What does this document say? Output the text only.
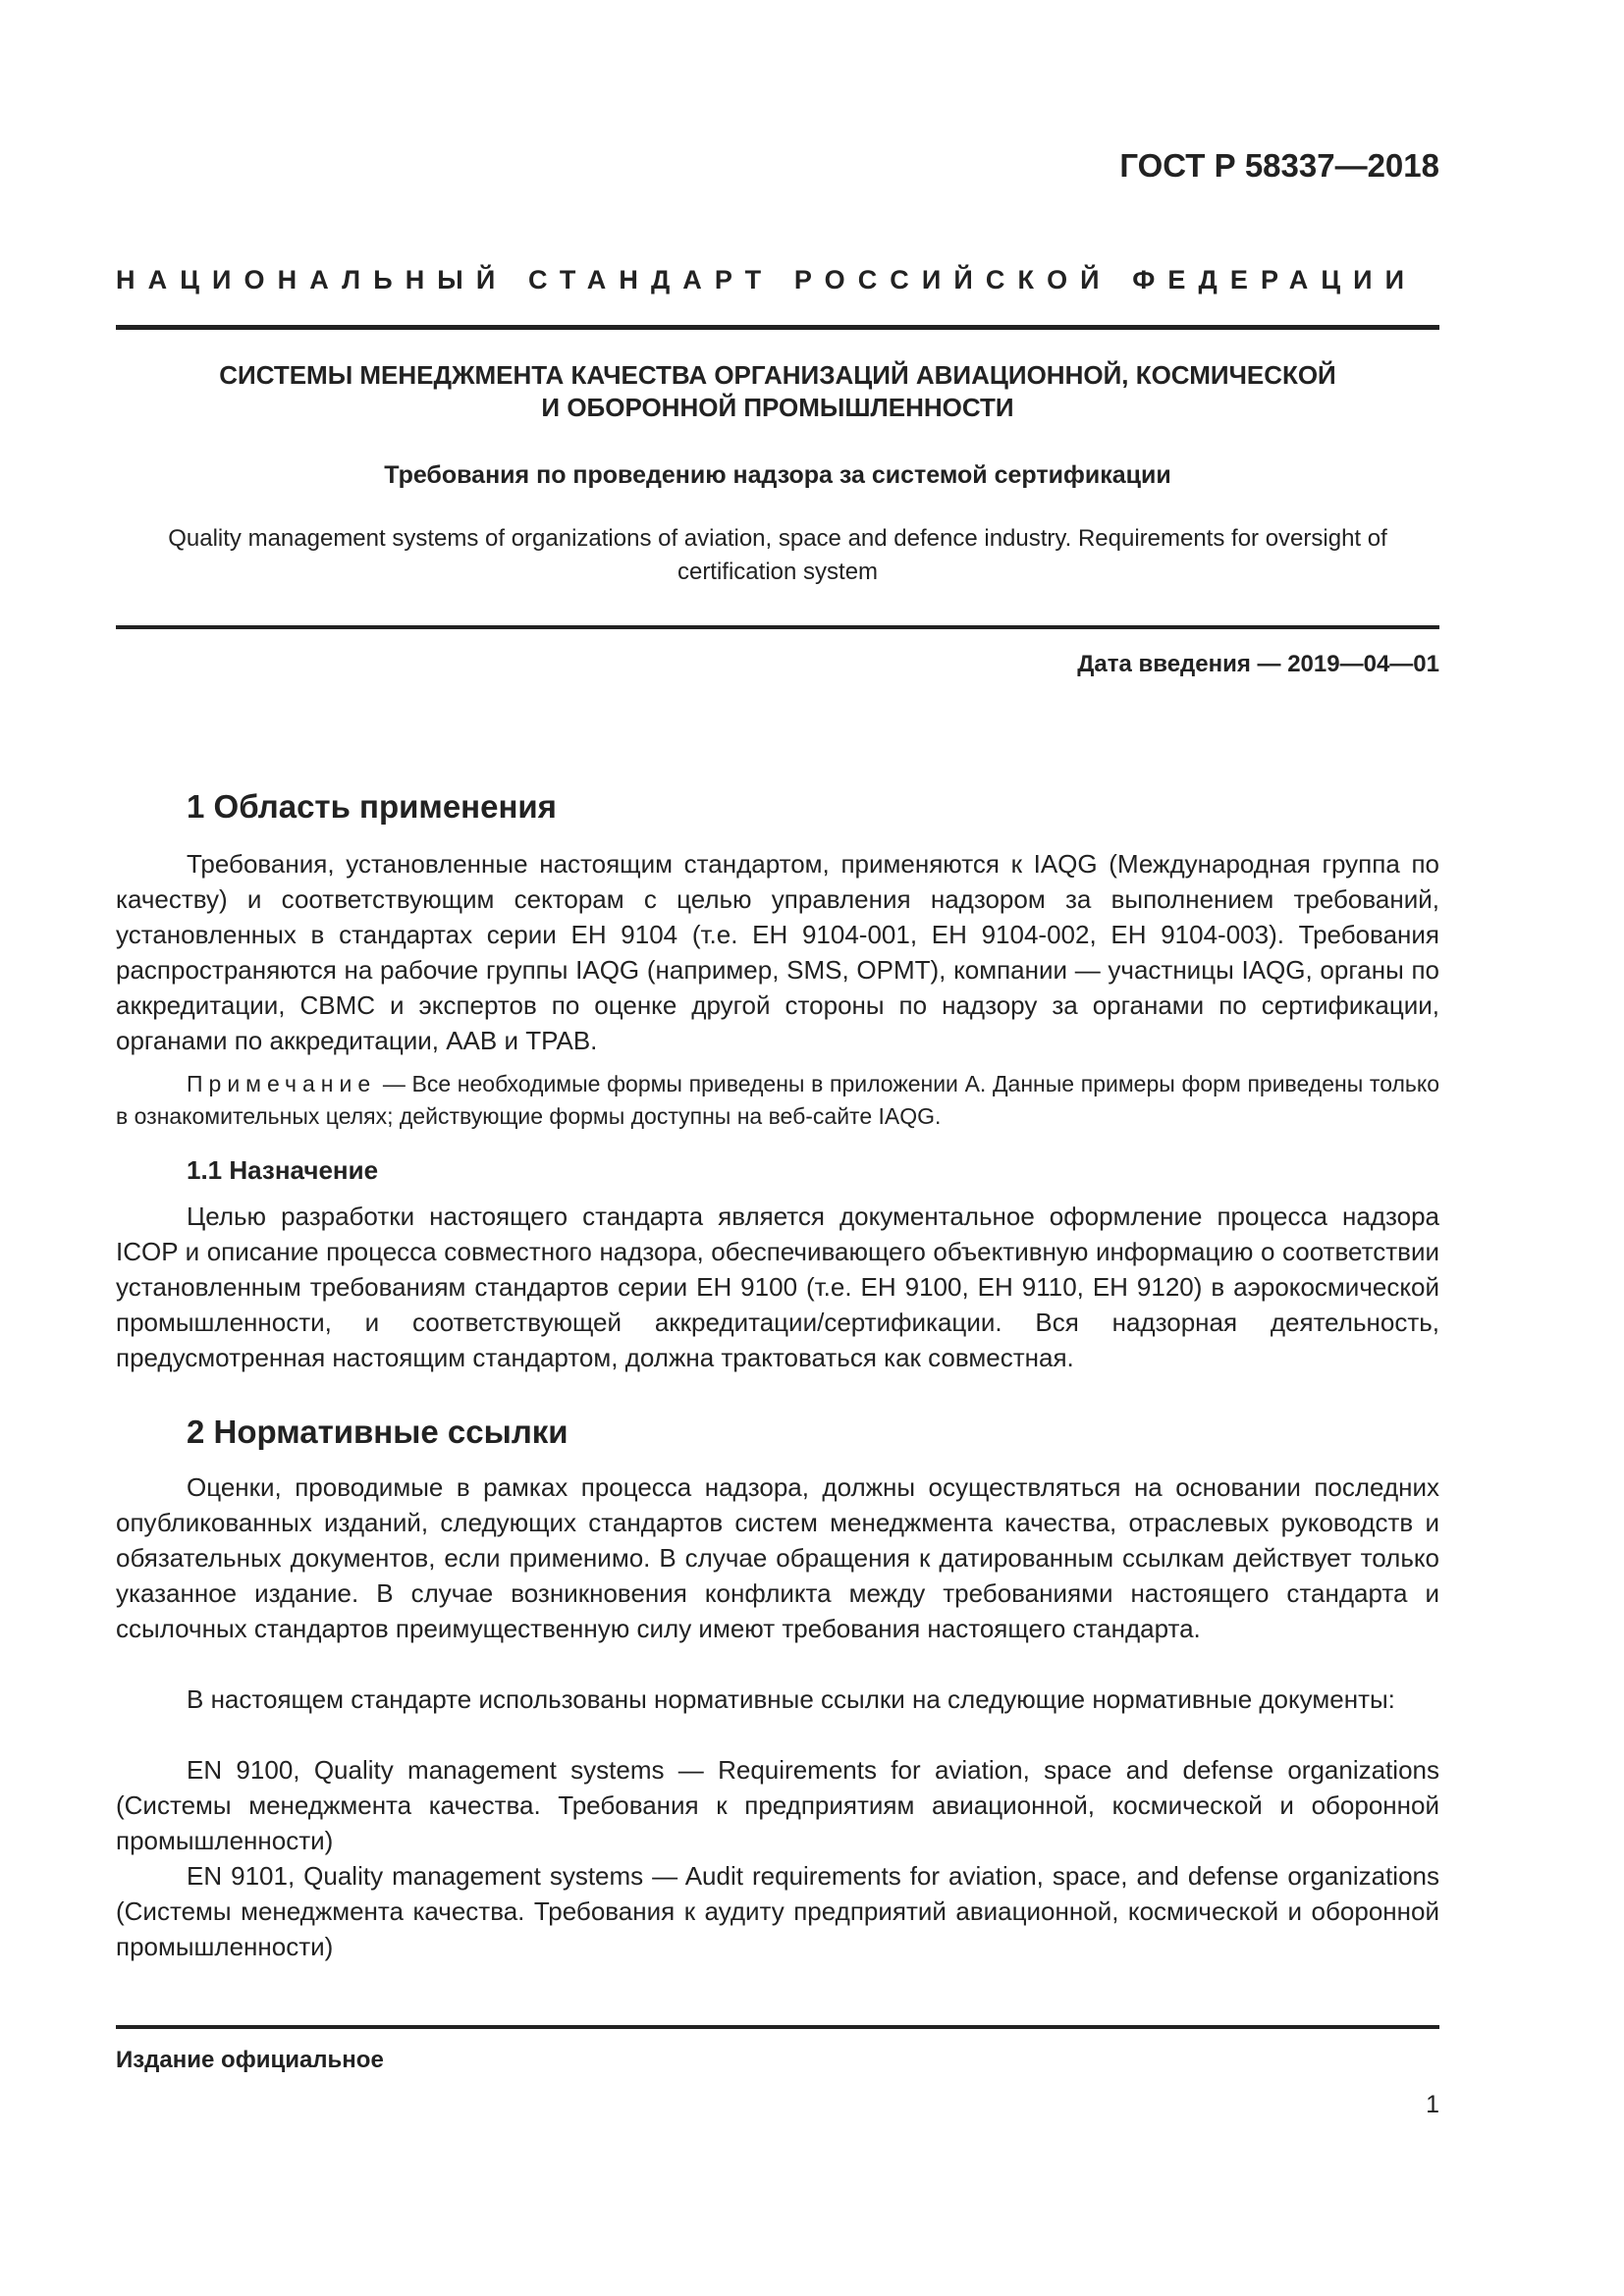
ГОСТ Р 58337—2018

НАЦИОНАЛЬНЫЙ СТАНДАРТ РОССИЙСКОЙ ФЕДЕРАЦИИ

СИСТЕМЫ МЕНЕДЖМЕНТА КАЧЕСТВА ОРГАНИЗАЦИЙ АВИАЦИОННОЙ, КОСМИЧЕСКОЙ
И ОБОРОННОЙ ПРОМЫШЛЕННОСТИ
Требования по проведению надзора за системой сертификации

Quality management systems of organizations of aviation, space and defence industry. Requirements for oversight of certification system

Дата введения — 2019—04—01

1 Область применения

Требования, установленные настоящим стандартом, применяются к IAQG (Международная группа по качеству) и соответствующим секторам с целью управления надзором за выполнением требований, установленных в стандартах серии ЕН 9104 (т.е. ЕН 9104-001, ЕН 9104-002, ЕН 9104-003). Требования распространяются на рабочие группы IAQG (например, SMS, OPMT), компании — участницы IAQG, органы по аккредитации, СВМС и экспертов по оценке другой стороны по надзору за органами по сертификации, органами по аккредитации, ААВ и TPAB.

Примечание — Все необходимые формы приведены в приложении А. Данные примеры форм приведены только в ознакомительных целях; действующие формы доступны на веб-сайте IAQG.

1.1 Назначение

Целью разработки настоящего стандарта является документальное оформление процесса надзора ICOP и описание процесса совместного надзора, обеспечивающего объективную информацию о соответствии установленным требованиям стандартов серии ЕН 9100 (т.е. ЕН 9100, ЕН 9110, ЕН 9120) в аэрокосмической промышленности, и соответствующей аккредитации/сертификации. Вся надзорная деятельность, предусмотренная настоящим стандартом, должна трактоваться как совместная.

2 Нормативные ссылки

Оценки, проводимые в рамках процесса надзора, должны осуществляться на основании последних опубликованных изданий, следующих стандартов систем менеджмента качества, отраслевых руководств и обязательных документов, если применимо. В случае обращения к датированным ссылкам действует только указанное издание. В случае возникновения конфликта между требованиями настоящего стандарта и ссылочных стандартов преимущественную силу имеют требования настоящего стандарта.

В настоящем стандарте использованы нормативные ссылки на следующие нормативные документы:

EN 9100, Quality management systems — Requirements for aviation, space and defense organizations (Системы менеджмента качества. Требования к предприятиям авиационной, космической и оборонной промышленности)

EN 9101, Quality management systems — Audit requirements for aviation, space, and defense organizations (Системы менеджмента качества. Требования к аудиту предприятий авиационной, космической и оборонной промышленности)

Издание официальное

1
